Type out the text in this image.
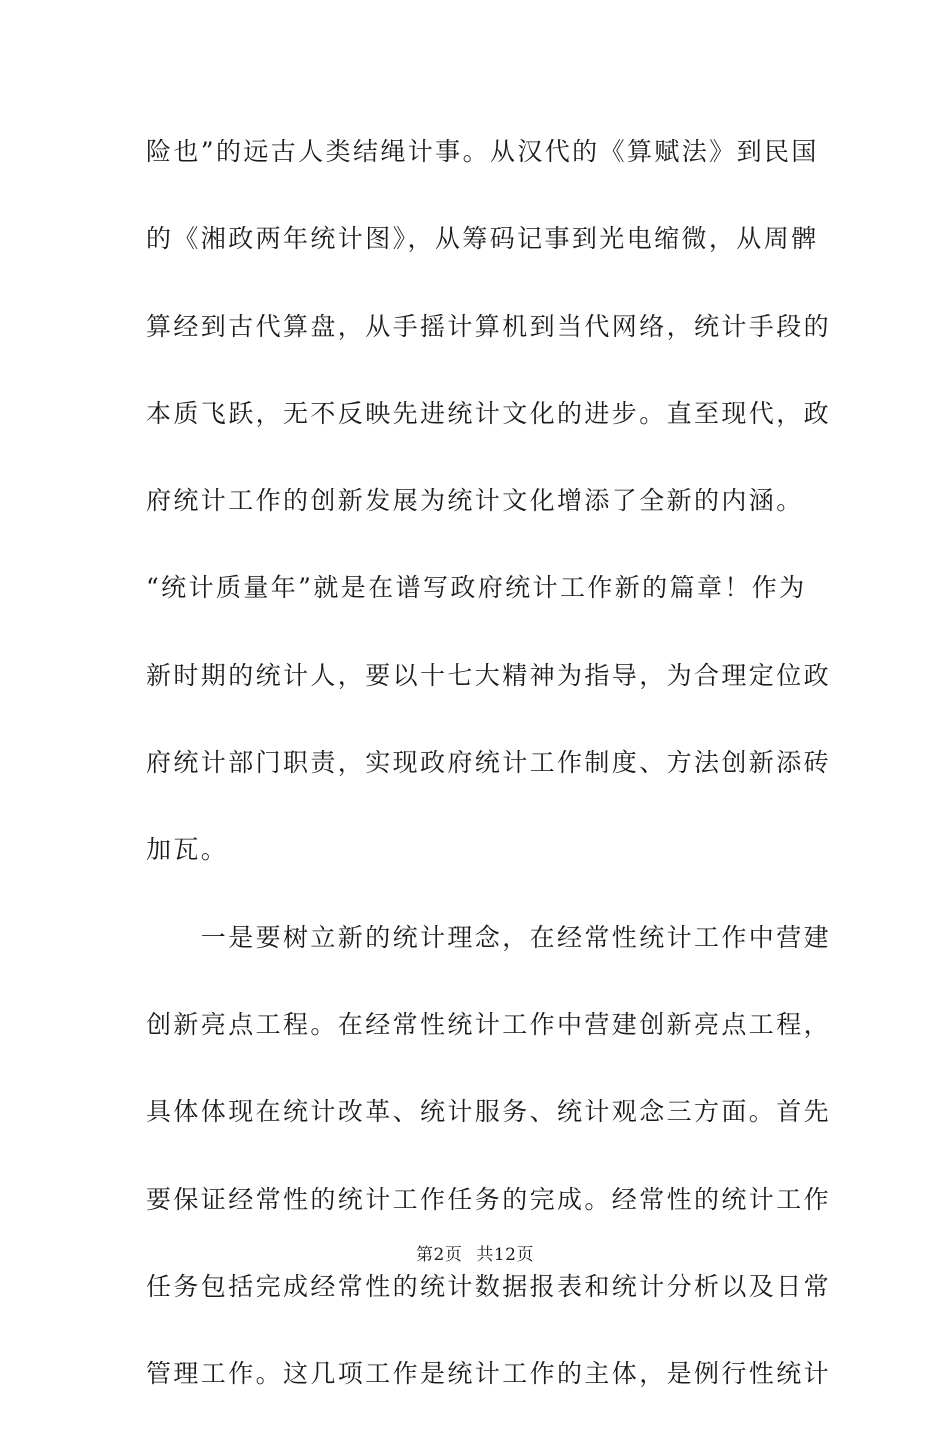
险也”的远古人类结绳计事。从汉代的《算赋法》到民国
的《湘政两年统计图》，从筹码记事到光电缩微，从周髀
算经到古代算盘，从手摇计算机到当代网络，统计手段的
本质飞跃，无不反映先进统计文化的进步。直至现代，政
府统计工作的创新发展为统计文化增添了全新的内涵。
“统计质量年”就是在谱写政府统计工作新的篇章！作为
新时期的统计人，要以十七大精神为指导，为合理定位政
府统计部门职责，实现政府统计工作制度、方法创新添砖
加瓦。
　　一是要树立新的统计理念，在经常性统计工作中营建
创新亮点工程。在经常性统计工作中营建创新亮点工程，
具体体现在统计改革、统计服务、统计观念三方面。首先
要保证经常性的统计工作任务的完成。经常性的统计工作
任务包括完成经常性的统计数据报表和统计分析以及日常
管理工作。这几项工作是统计工作的主体，是例行性统计
第2页 共12页
